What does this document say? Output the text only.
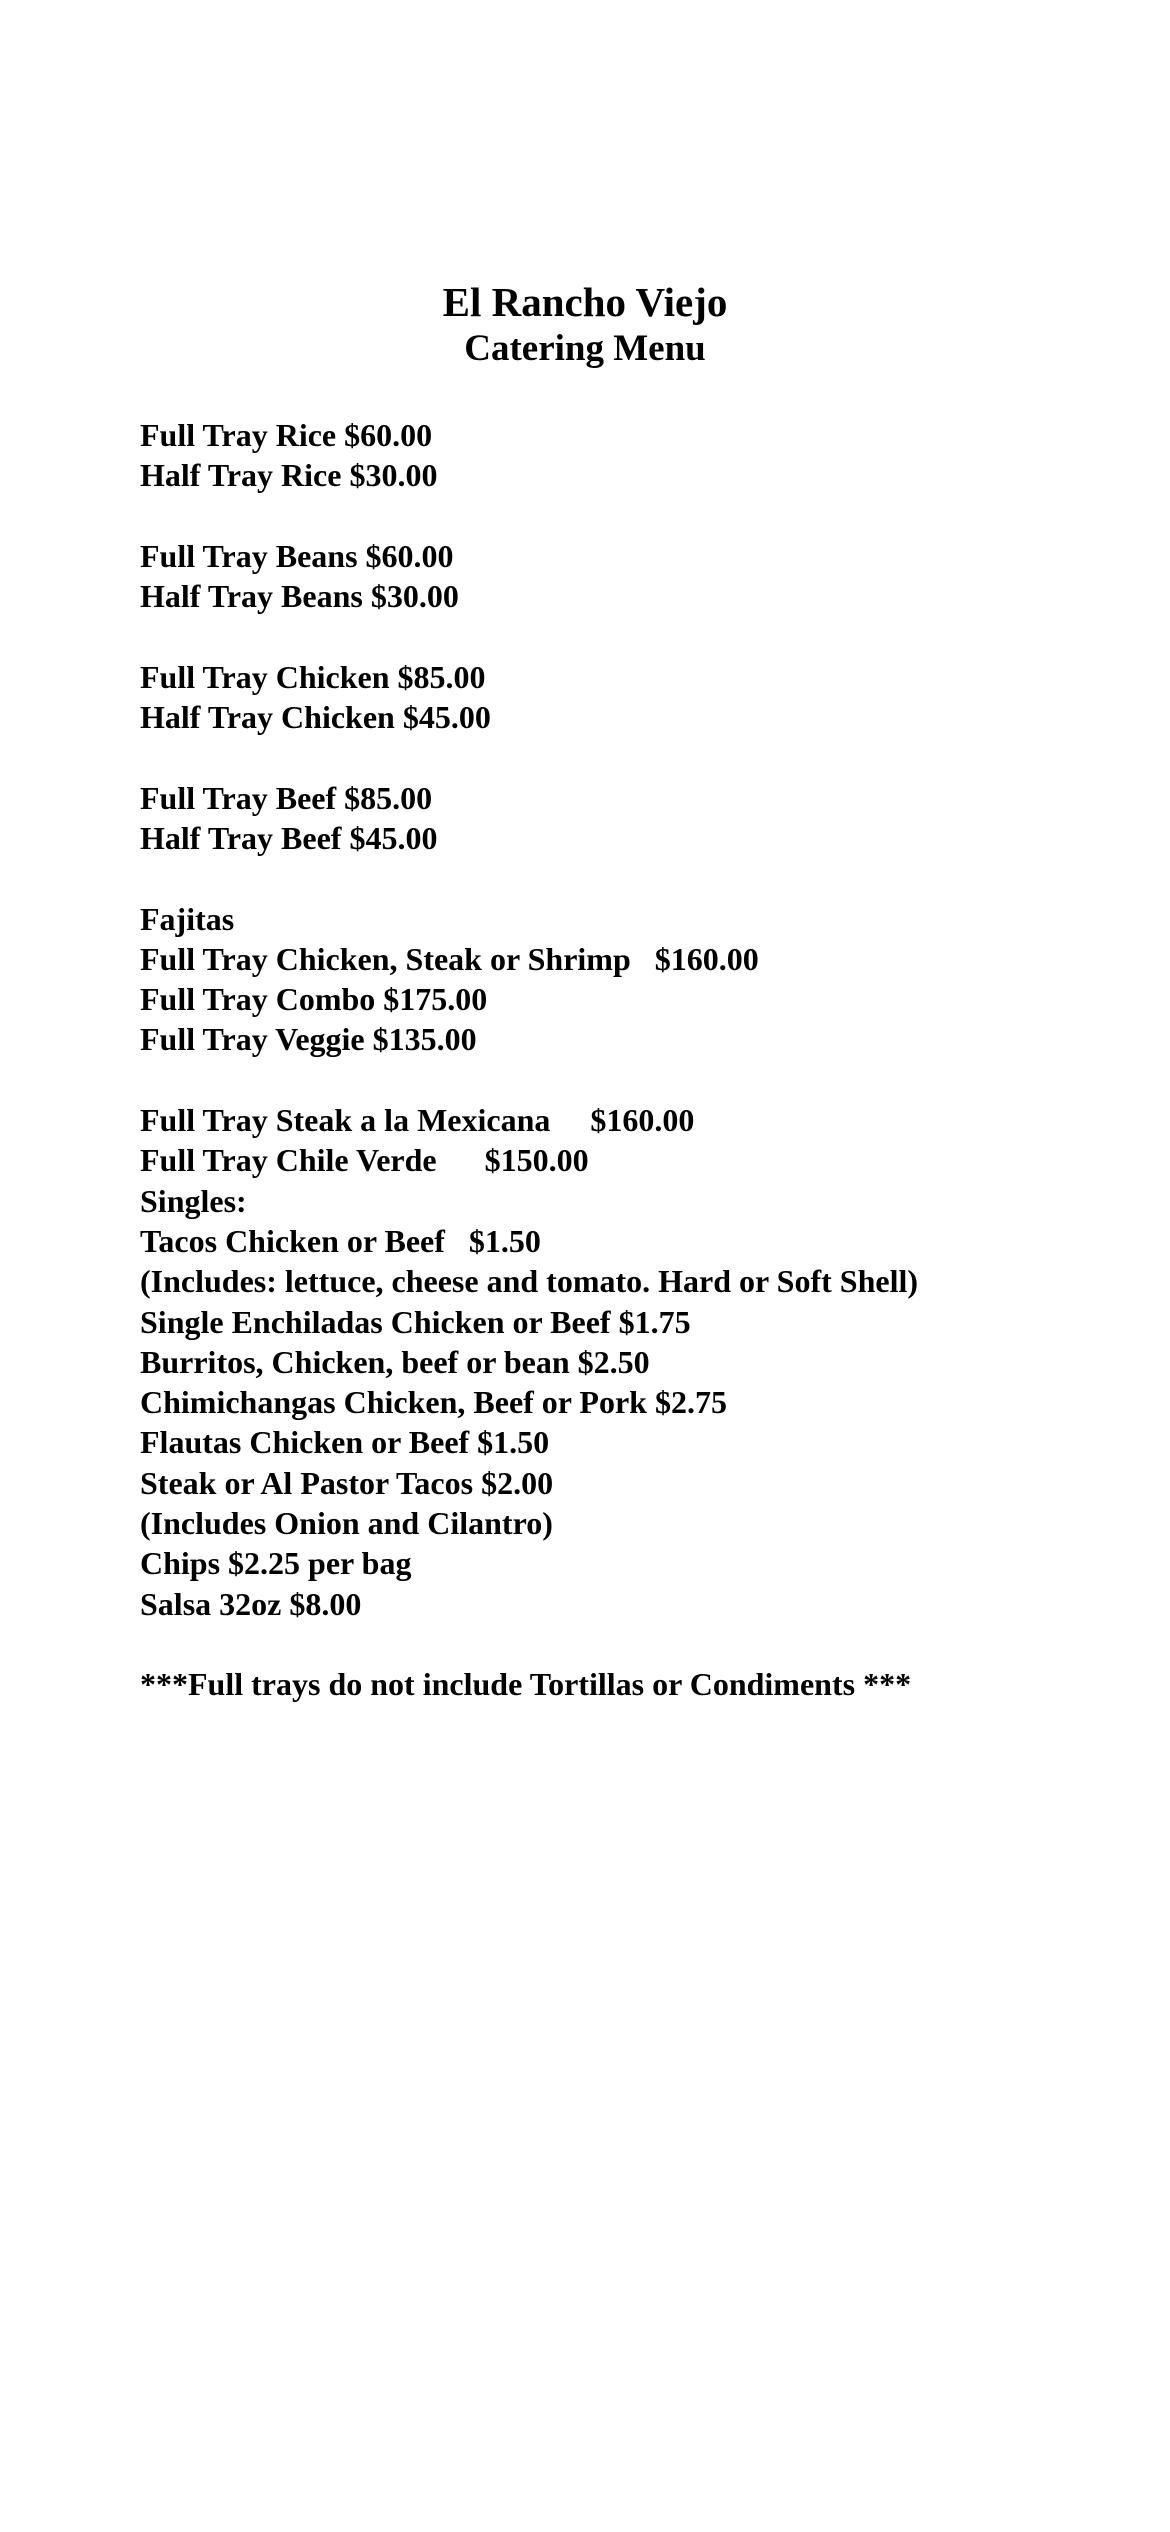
El Rancho Viejo
Catering Menu
Full Tray Rice $60.00
Half Tray Rice $30.00
Full Tray Beans $60.00
Half Tray Beans $30.00
Full Tray Chicken $85.00
Half Tray Chicken $45.00
Full Tray Beef $85.00
Half Tray Beef $45.00
Fajitas
Full Tray Chicken, Steak or Shrimp   $160.00
Full Tray Combo $175.00
Full Tray Veggie $135.00
Full Tray Steak a la Mexicana     $160.00
Full Tray Chile Verde      $150.00
Singles:
Tacos Chicken or Beef   $1.50
(Includes: lettuce, cheese and tomato. Hard or Soft Shell)
Single Enchiladas Chicken or Beef $1.75
Burritos, Chicken, beef or bean $2.50
Chimichangas Chicken, Beef or Pork $2.75
Flautas Chicken or Beef $1.50
Steak or Al Pastor Tacos $2.00
(Includes Onion and Cilantro)
Chips $2.25 per bag
Salsa 32oz $8.00
***Full trays do not include Tortillas or Condiments ***
